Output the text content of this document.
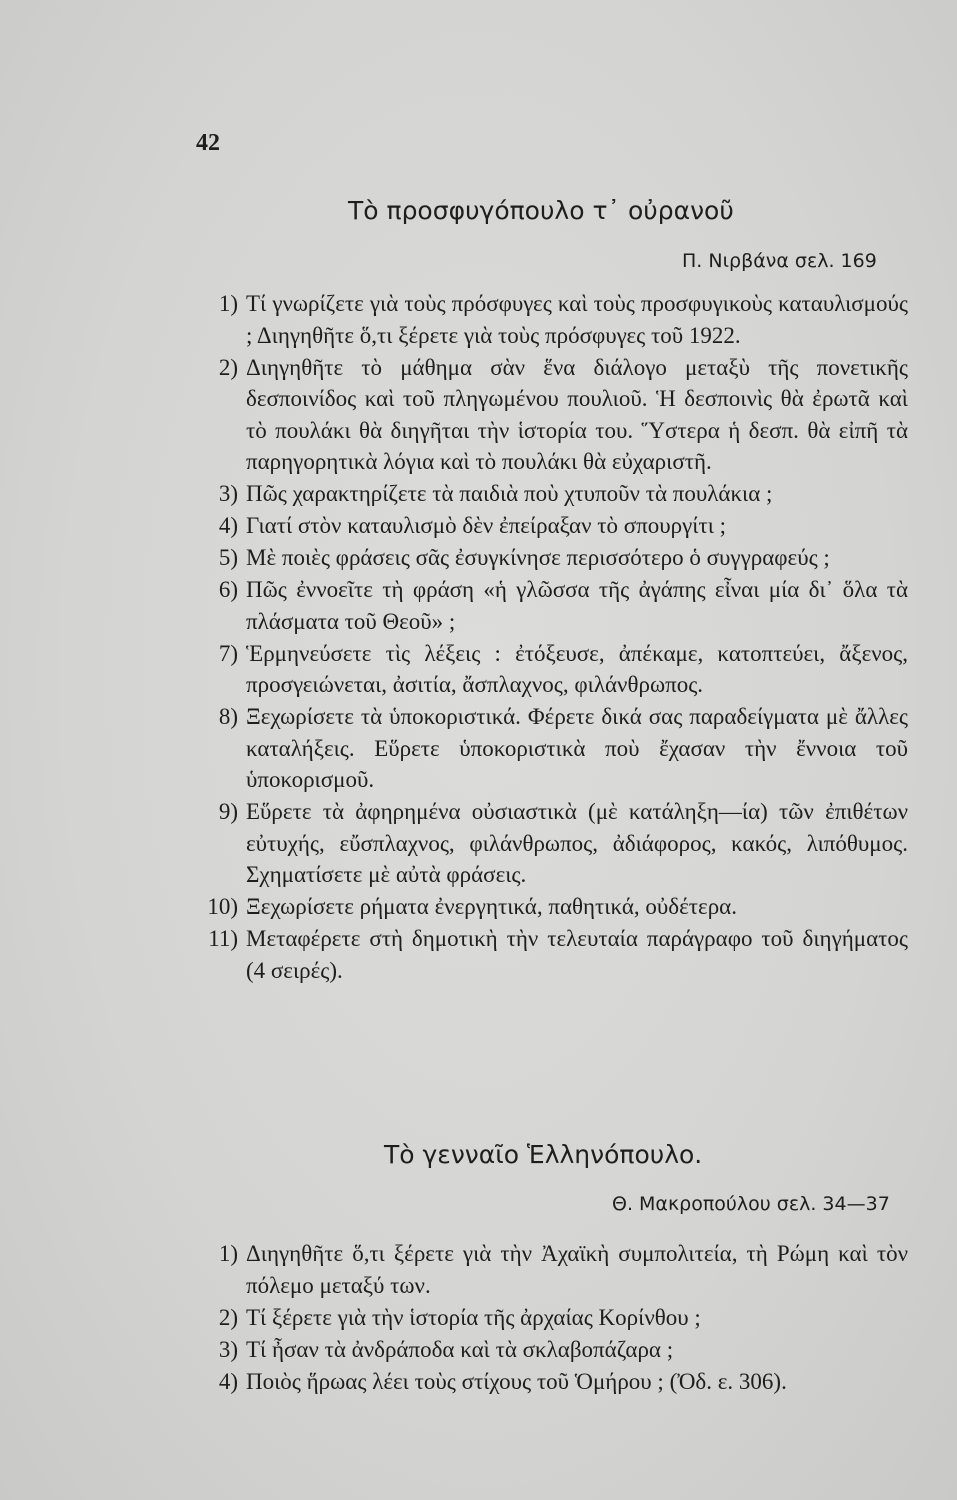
42
Τὸ προσφυγόπουλο τ᾿ οὐρανοῦ
Π. Νιρβάνα σελ. 169
1) Τί γνωρίζετε γιὰ τοὺς πρόσφυγες καὶ τοὺς προσφυγικοὺς καταυλισμούς ; Διηγηθῆτε ὅ,τι ξέρετε γιὰ τοὺς πρόσφυγες τοῦ 1922.
2) Διηγηθῆτε τὸ μάθημα σὰν ἕνα διάλογο μεταξὺ τῆς πονετικῆς δεσποινίδος καὶ τοῦ πληγωμένου πουλιοῦ. Ἡ δεσποινὶς θὰ ἐρωτᾶ καὶ τὸ πουλάκι θὰ διηγῆται τὴν ἱστορία του. Ὕστερα ἡ δεσπ. θὰ εἰπῆ τὰ παρηγορητικὰ λόγια καὶ τὸ πουλάκι θὰ εὐχαριστῆ.
3) Πῶς χαρακτηρίζετε τὰ παιδιὰ ποὺ χτυποῦν τὰ πουλάκια ;
4) Γιατί στὸν καταυλισμὸ δὲν ἐπείραξαν τὸ σπουργίτι ;
5) Μὲ ποιὲς φράσεις σᾶς ἐσυγκίνησε περισσότερο ὁ συγγραφεύς ;
6) Πῶς ἐννοεῖτε τὴ φράση «ἡ γλῶσσα τῆς ἀγάπης εἶναι μία δι᾿ ὅλα τὰ πλάσματα τοῦ Θεοῦ» ;
7) Ἑρμηνεύσετε τὶς λέξεις : ἐτόξευσε, ἀπέκαμε, κατοπτεύει, ἄξενος, προσγειώνεται, ἀσιτία, ἄσπλαχνος, φιλάνθρωπος.
8) Ξεχωρίσετε τὰ ὑποκοριστικά. Φέρετε δικά σας παραδείγματα μὲ ἄλλες καταλήξεις. Εὕρετε ὑποκοριστικὰ ποὺ ἔχασαν τὴν ἔννοια τοῦ ὑποκορισμοῦ.
9) Εὕρετε τὰ ἀφηρημένα οὐσιαστικὰ (μὲ κατάληξη—ία) τῶν ἐπιθέτων εὐτυχής, εὔσπλαχνος, φιλάνθρωπος, ἀδιάφορος, κακός, λιπόθυμος. Σχηματίσετε μὲ αὐτὰ φράσεις.
10) Ξεχωρίσετε ρήματα ἐνεργητικά, παθητικά, οὐδέτερα.
11) Μεταφέρετε στὴ δημοτικὴ τὴν τελευταία παράγραφο τοῦ διηγήματος (4 σειρές).
Τὸ γενναῖο Ἑλληνόπουλο.
Θ. Μακροπούλου σελ. 34—37
1) Διηγηθῆτε ὅ,τι ξέρετε γιὰ τὴν Ἀχαϊκὴ συμπολιτεία, τὴ Ρώμη καὶ τὸν πόλεμο μεταξύ των.
2) Τί ξέρετε γιὰ τὴν ἱστορία τῆς ἀρχαίας Κορίνθου ;
3) Τί ἦσαν τὰ ἀνδράποδα καὶ τὰ σκλαβοπάζαρα ;
4) Ποιὸς ἥρωας λέει τοὺς στίχους τοῦ Ὁμήρου ; (Ὀδ. ε. 306).
